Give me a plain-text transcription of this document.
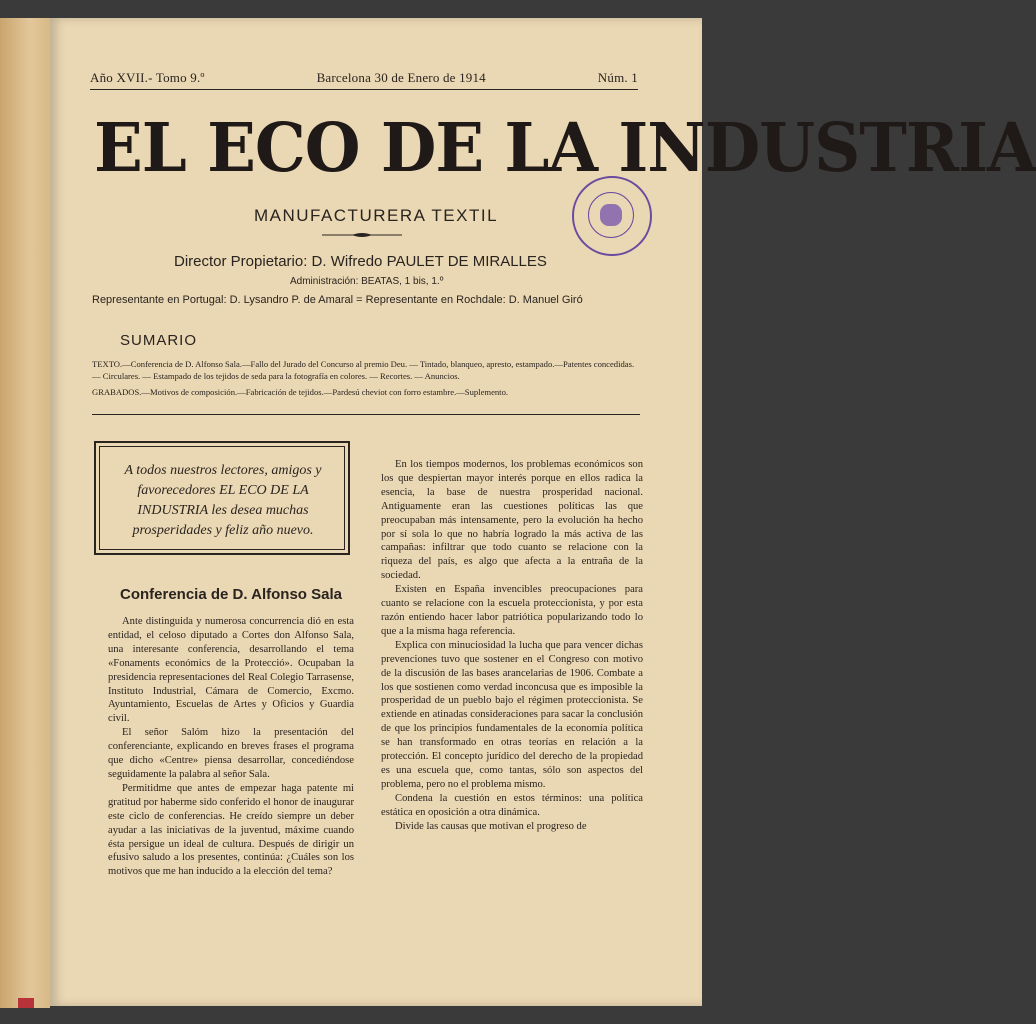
Año XVII.- Tomo 9.º	Barcelona 30 de Enero de 1914	Núm. 1
EL ECO DE LA INDUSTRIA
MANUFACTURERA TEXTIL
Director Propietario: D. Wifredo PAULET DE MIRALLES
Administración: BEATAS, 1 bis, 1.º
Representante en Portugal: D. Lysandro P. de Amaral = Representante en Rochdale: D. Manuel Giró
SUMARIO

TEXTO.—Conferencia de D. Alfonso Sala.—Fallo del Jurado del Concurso al premio Deu. — Tintado, blanqueo, apresto, estampado.—Patentes concedidas.— Circulares. — Estampado de los tejidos de seda para la fotografía en colores. — Recortes. — Anuncios.

GRABADOS.—Motivos de composición.—Fabricación de tejidos.—Pardesú cheviot con forro estambre.—Suplemento.

A todos nuestros lectores, amigos y favorecedores EL ECO DE LA INDUSTRIA les desea muchas prosperidades y feliz año nuevo.
Conferencia de D. Alfonso Sala

Ante distinguida y numerosa concurrencia dió en esta entidad, el celoso diputado a Cortes don Alfonso Sala, una interesante conferencia, desarrollando el tema «Fonaments económics de la Protecció». Ocupaban la presidencia representaciones del Real Colegio Tarrasense, Instituto Industrial, Cámara de Comercio, Excmo. Ayuntamiento, Escuelas de Artes y Oficios y Guardia civil.

El señor Salóm hizo la presentación del conferenciante, explicando en breves frases el programa que dicho «Centre» piensa desarrollar, concediéndose seguidamente la palabra al señor Sala.

Permitidme que antes de empezar haga patente mi gratitud por haberme sido conferido el honor de inaugurar este ciclo de conferencias. He creído siempre un deber ayudar a las iniciativas de la juventud, máxime cuando ésta persigue un ideal de cultura. Después de dirigir un efusivo saludo a los presentes, continúa: ¿Cuáles son los motivos que me han inducido a la elección del tema?

En los tiempos modernos, los problemas económicos son los que despiertan mayor interés porque en ellos radica la esencia, la base de nuestra prosperidad nacional. Antiguamente eran las cuestiones políticas las que preocupaban más intensamente, pero la evolución ha hecho por sí sola lo que no habría logrado la más activa de las campañas: infiltrar que todo cuanto se relacione con la riqueza del país, es algo que afecta a la entraña de la sociedad.

Existen en España invencibles preocupaciones para cuanto se relacione con la escuela proteccionista, y por esta razón entiendo hacer labor patriótica popularizando todo lo que a la misma haga referencia.

Explica con minuciosidad la lucha que para vencer dichas prevenciones tuvo que sostener en el Congreso con motivo de la discusión de las bases arancelarias de 1906. Combate a los que sostienen como verdad inconcusa que es imposible la prosperidad de un pueblo bajo el régimen proteccionista. Se extiende en atinadas consideraciones para sacar la conclusión de que los principios fundamentales de la economía política se han transformado en otras teorías en relación a la protección. El concepto jurídico del derecho de la propiedad es una escuela que, como tantas, sólo son aspectos del problema, pero no el problema mismo.

Condena la cuestión en estos términos: una política estática en oposición a otra dinámica.

Divide las causas que motivan el progreso de
